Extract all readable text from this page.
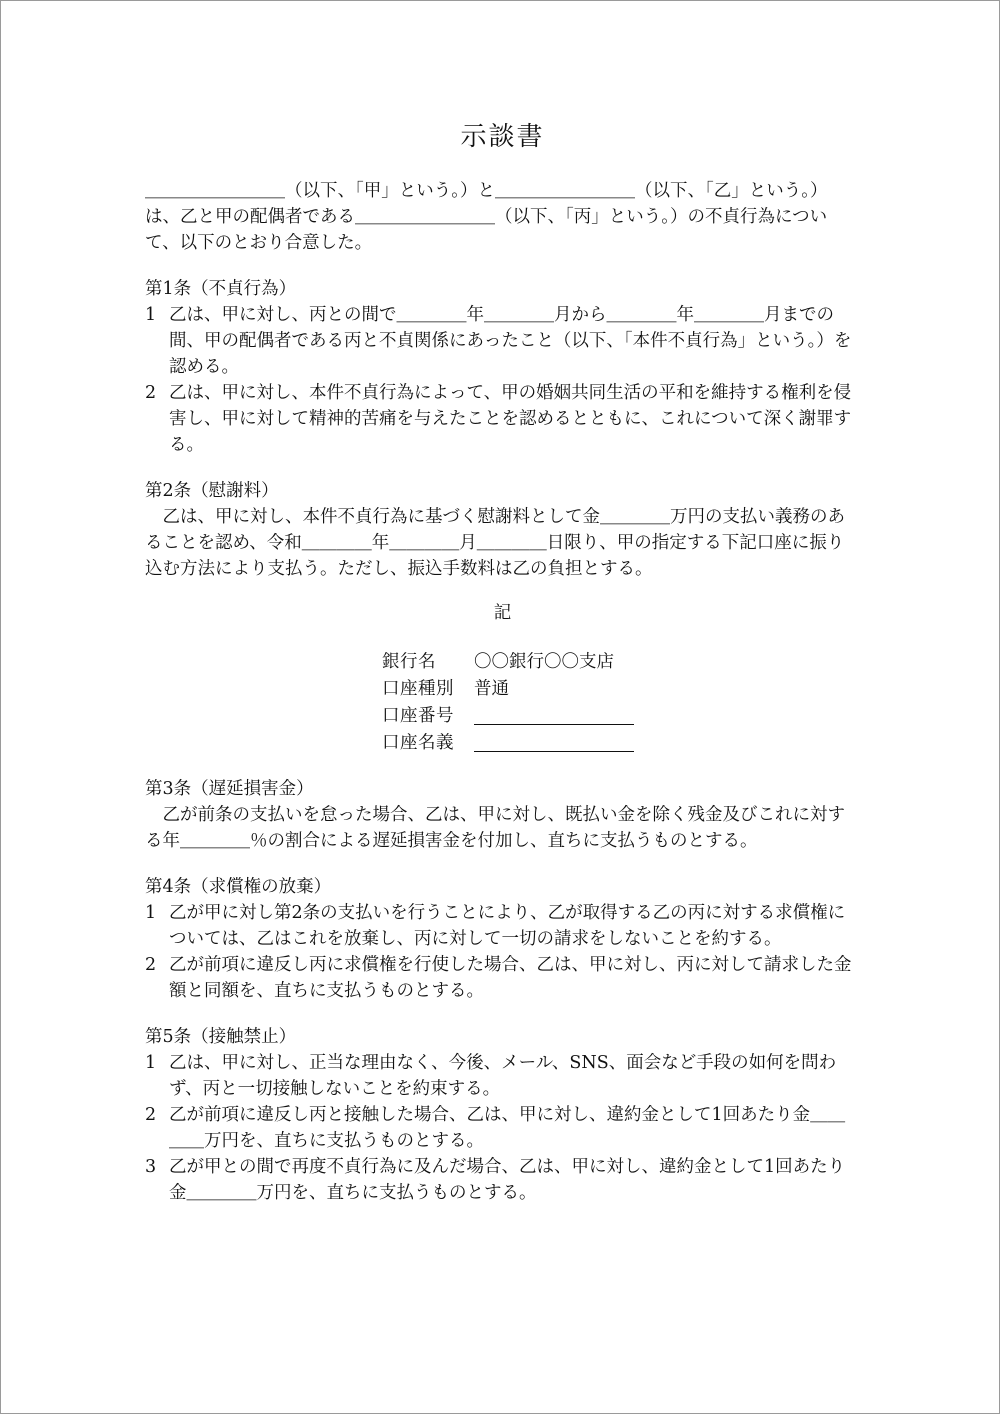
示談書

＿＿＿＿＿＿＿＿（以下、「甲」という。）と＿＿＿＿＿＿＿＿（以下、「乙」という。）は、乙と甲の配偶者である＿＿＿＿＿＿＿＿（以下、「丙」という。）の不貞行為について、以下のとおり合意した。

第1条（不貞行為）

1 乙は、甲に対し、丙との間で＿＿＿＿年＿＿＿＿月から＿＿＿＿年＿＿＿＿月までの間、甲の配偶者である丙と不貞関係にあったこと（以下、「本件不貞行為」という。）を認める。

2 乙は、甲に対し、本件不貞行為によって、甲の婚姻共同生活の平和を維持する権利を侵害し、甲に対して精神的苦痛を与えたことを認めるとともに、これについて深く謝罪する。

第2条（慰謝料）

乙は、甲に対し、本件不貞行為に基づく慰謝料として金＿＿＿＿万円の支払い義務のあることを認め、令和＿＿＿＿年＿＿＿＿月＿＿＿＿日限り、甲の指定する下記口座に振り込む方法により支払う。ただし、振込手数料は乙の負担とする。

記
銀行名	〇〇銀行〇〇支店
口座種別	普通
口座番号
口座名義

第3条（遅延損害金）

乙が前条の支払いを怠った場合、乙は、甲に対し、既払い金を除く残金及びこれに対する年＿＿＿＿％の割合による遅延損害金を付加し、直ちに支払うものとする。

第4条（求償権の放棄）

1 乙が甲に対し第2条の支払いを行うことにより、乙が取得する乙の丙に対する求償権については、乙はこれを放棄し、丙に対して一切の請求をしないことを約する。

2 乙が前項に違反し丙に求償権を行使した場合、乙は、甲に対し、丙に対して請求した金額と同額を、直ちに支払うものとする。

第5条（接触禁止）

1 乙は、甲に対し、正当な理由なく、今後、メール、SNS、面会など手段の如何を問わず、丙と一切接触しないことを約束する。

2 乙が前項に違反し丙と接触した場合、乙は、甲に対し、違約金として1回あたり金＿＿＿＿万円を、直ちに支払うものとする。

3 乙が甲との間で再度不貞行為に及んだ場合、乙は、甲に対し、違約金として1回あたり金＿＿＿＿万円を、直ちに支払うものとする。
